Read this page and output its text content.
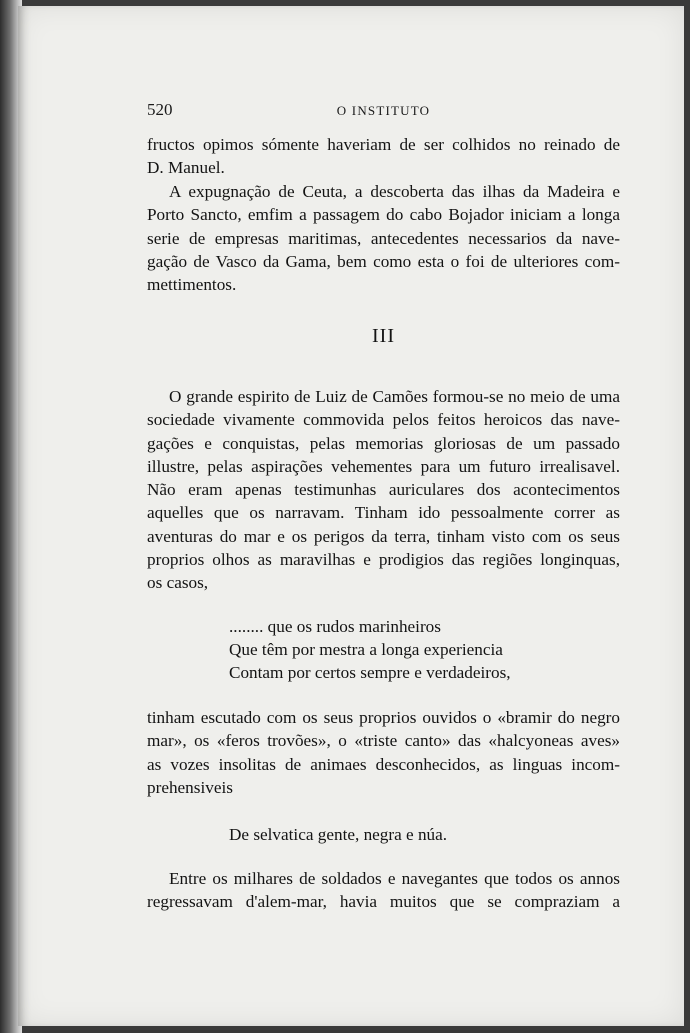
520	O INSTITUTO

fructos opimos sómente haveriam de ser colhidos no reinado de
D. Manuel.

A expugnação de Ceuta, a descoberta das ilhas da Madeira e
Porto Sancto, emfim a passagem do cabo Bojador iniciam a longa
serie de empresas maritimas, antecedentes necessarios da nave-
gação de Vasco da Gama, bem como esta o foi de ulteriores com-
mettimentos.

III

O grande espirito de Luiz de Camões formou-se no meio de uma
sociedade vivamente commovida pelos feitos heroicos das nave-
gações e conquistas, pelas memorias gloriosas de um passado
illustre, pelas aspirações vehementes para um futuro irrealisavel.
Não eram apenas testimunhas auriculares dos acontecimentos
aquelles que os narravam. Tinham ido pessoalmente correr as
aventuras do mar e os perigos da terra, tinham visto com os seus
proprios olhos as maravilhas e prodigios das regiões longinquas,
os casos,

........ que os rudos marinheiros
Que têm por mestra a longa experiencia
Contam por certos sempre e verdadeiros,

tinham escutado com os seus proprios ouvidos o «bramir do negro
mar», os «feros trovões», o «triste canto» das «halcyoneas aves»
as vozes insolitas de animaes desconhecidos, as linguas incom-
prehensiveis

De selvatica gente, negra e núa.

Entre os milhares de soldados e navegantes que todos os annos
regressavam d'alem-mar, havia muitos que se compraziam a
